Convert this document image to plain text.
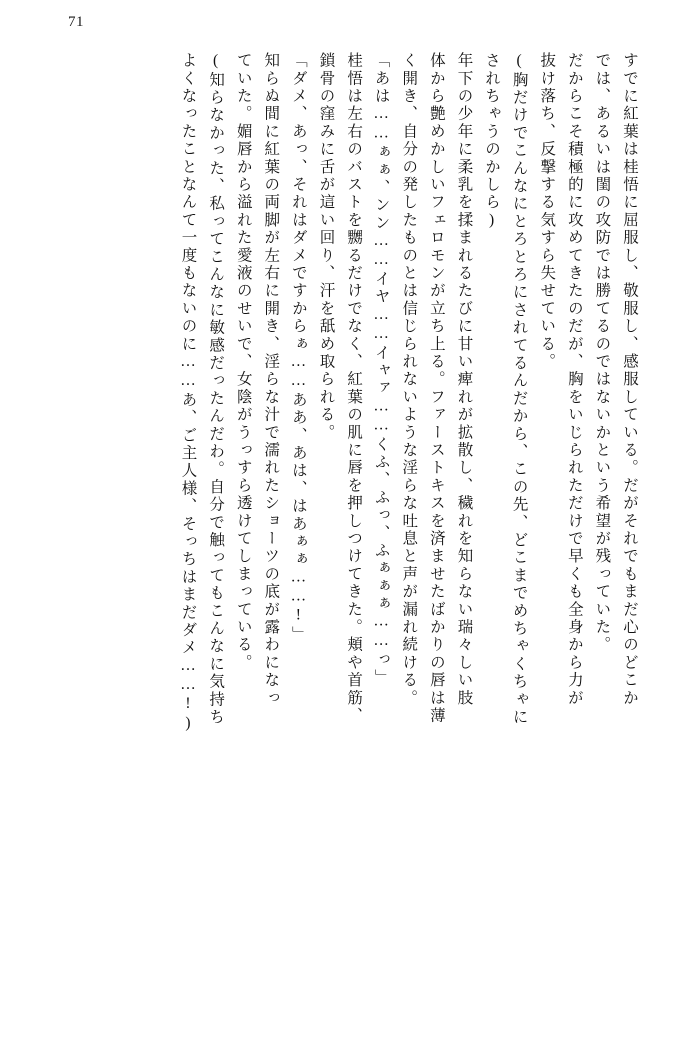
71
すでに紅葉は桂悟に屈服し、敬服し、感服している。だがそれでもまだ心のどこか
では、あるいは閨の攻防では勝てるのではないかという希望が残っていた。
だからこそ積極的に攻めてきたのだが、胸をいじられただけで早くも全身から力が
抜け落ち、反撃する気すら失せている。
(胸だけでこんなにとろとろにされてるんだから、この先、どこまでめちゃくちゃに
されちゃうのかしら)
年下の少年に柔乳を揉まれるたびに甘い痺れが拡散し、穢れを知らない瑞々しい肢
体から艶めかしいフェロモンが立ち上る。ファーストキスを済ませたばかりの唇は薄
く開き、自分の発したものとは信じられないような淫らな吐息と声が漏れ続ける。
「あは……ぁぁ、ンン……イヤ……イャァ……くふ、ふっ、ふぁぁぁ……っ」
桂悟は左右のバストを嬲るだけでなく、紅葉の肌に唇を押しつけてきた。頬や首筋、
鎖骨の窪みに舌が這い回り、汗を舐め取られる。
「ダメ、あっ、それはダメですからぁ……ああ、あは、はあぁぁ……!」
知らぬ間に紅葉の両脚が左右に開き、淫らな汁で濡れたショーツの底が露わになっ
ていた。媚唇から溢れた愛液のせいで、女陰がうっすら透けてしまっている。
(知らなかった、私ってこんなに敏感だったんだわ。自分で触ってもこんなに気持ち
よくなったことなんて一度もないのに……あ、ご主人様、そっちはまだダメ……!)
